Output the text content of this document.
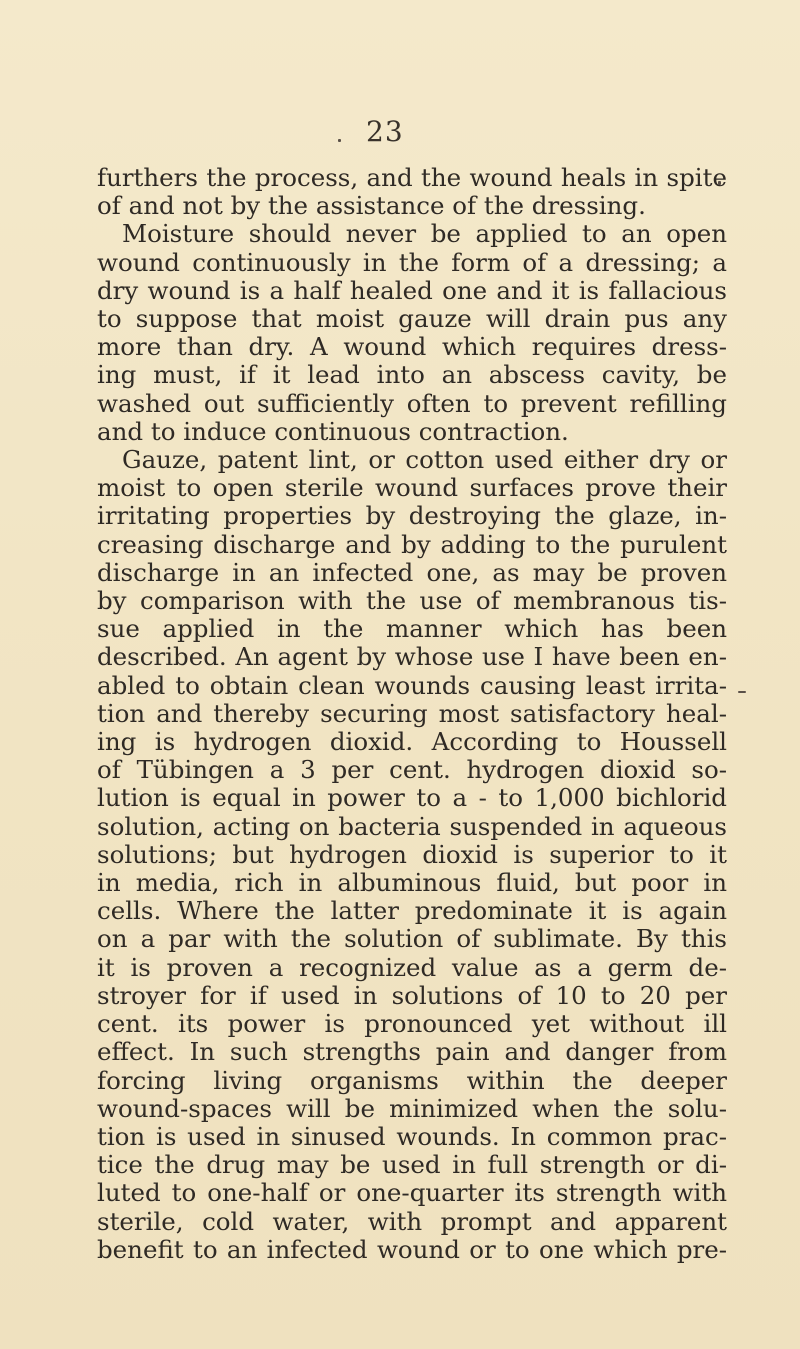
23
furthers the process, and the wound heals in spite
of and not by the assistance of the dressing.
Moisture should never be applied to an open
wound continuously in the form of a dressing; a
dry wound is a half healed one and it is fallacious
to suppose that moist gauze will drain pus any
more than dry. A wound which requires dress-
ing must, if it lead into an abscess cavity, be
washed out sufficiently often to prevent refilling
and to induce continuous contraction.
Gauze, patent lint, or cotton used either dry or
moist to open sterile wound surfaces prove their
irritating properties by destroying the glaze, in-
creasing discharge and by adding to the purulent
discharge in an infected one, as may be proven
by comparison with the use of membranous tis-
sue applied in the manner which has been
described. An agent by whose use I have been en-
abled to obtain clean wounds causing least irrita-
tion and thereby securing most satisfactory heal-
ing is hydrogen dioxid. According to Houssell
of Tübingen a 3 per cent. hydrogen dioxid so-
lution is equal in power to a - to 1,000 bichlorid
solution, acting on bacteria suspended in aqueous
solutions; but hydrogen dioxid is superior to it
in media, rich in albuminous fluid, but poor in
cells. Where the latter predominate it is again
on a par with the solution of sublimate. By this
it is proven a recognized value as a germ de-
stroyer for if used in solutions of 10 to 20 per
cent. its power is pronounced yet without ill
effect. In such strengths pain and danger from
forcing living organisms within the deeper
wound-spaces will be minimized when the solu-
tion is used in sinused wounds. In common prac-
tice the drug may be used in full strength or di-
luted to one-half or one-quarter its strength with
sterile, cold water, with prompt and apparent
benefit to an infected wound or to one which pre-
